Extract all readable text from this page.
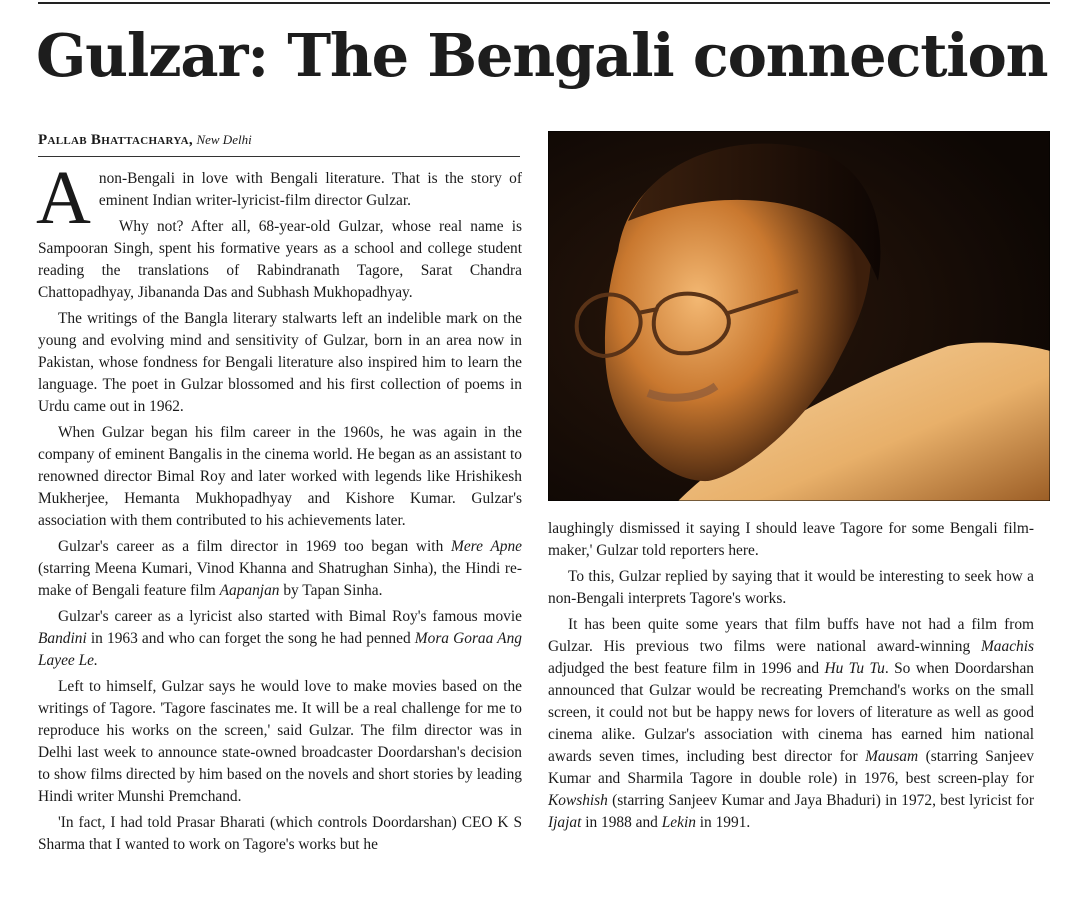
Gulzar: The Bengali connection
Pallab Bhattacharya, New Delhi

Anon-Bengali in love with Bengali literature. That is the story of eminent Indian writer-lyricist-film director Gulzar.

Why not? After all, 68-year-old Gulzar, whose real name is Sampooran Singh, spent his formative years as a school and college student reading the translations of Rabindranath Tagore, Sarat Chandra Chattopadhyay, Jibananda Das and Subhash Mukhopadhyay.

The writings of the Bangla literary stalwarts left an indelible mark on the young and evolving mind and sensitivity of Gulzar, born in an area now in Pakistan, whose fondness for Bengali literature also inspired him to learn the language. The poet in Gulzar blossomed and his first collection of poems in Urdu came out in 1962.

When Gulzar began his film career in the 1960s, he was again in the company of eminent Bangalis in the cinema world. He began as an assistant to renowned director Bimal Roy and later worked with legends like Hrishikesh Mukherjee, Hemanta Mukhopadhyay and Kishore Kumar. Gulzar's association with them contributed to his achievements later.

Gulzar's career as a film director in 1969 too began with Mere Apne (starring Meena Kumari, Vinod Khanna and Shatrughan Sinha), the Hindi re-make of Bengali feature film Aapanjan by Tapan Sinha.

Gulzar's career as a lyricist also started with Bimal Roy's famous movie Bandini in 1963 and who can forget the song he had penned Mora Goraa Ang Layee Le.

Left to himself, Gulzar says he would love to make movies based on the writings of Tagore. 'Tagore fascinates me. It will be a real challenge for me to reproduce his works on the screen,' said Gulzar. The film director was in Delhi last week to announce state-owned broadcaster Doordarshan's decision to show films directed by him based on the novels and short stories by leading Hindi writer Munshi Premchand.

'In fact, I had told Prasar Bharati (which controls Doordarshan) CEO K S Sharma that I wanted to work on Tagore's works but he

laughingly dismissed it saying I should leave Tagore for some Bengali film-maker,' Gulzar told reporters here.

To this, Gulzar replied by saying that it would be interesting to seek how a non-Bengali interprets Tagore's works.

It has been quite some years that film buffs have not had a film from Gulzar. His previous two films were national award-winning Maachis adjudged the best feature film in 1996 and Hu Tu Tu. So when Doordarshan announced that Gulzar would be recreating Premchand's works on the small screen, it could not but be happy news for lovers of literature as well as good cinema alike. Gulzar's association with cinema has earned him national awards seven times, including best director for Mausam (starring Sanjeev Kumar and Sharmila Tagore in double role) in 1976, best screen-play for Kowshish (starring Sanjeev Kumar and Jaya Bhaduri) in 1972, best lyricist for Ijajat in 1988 and Lekin in 1991.
